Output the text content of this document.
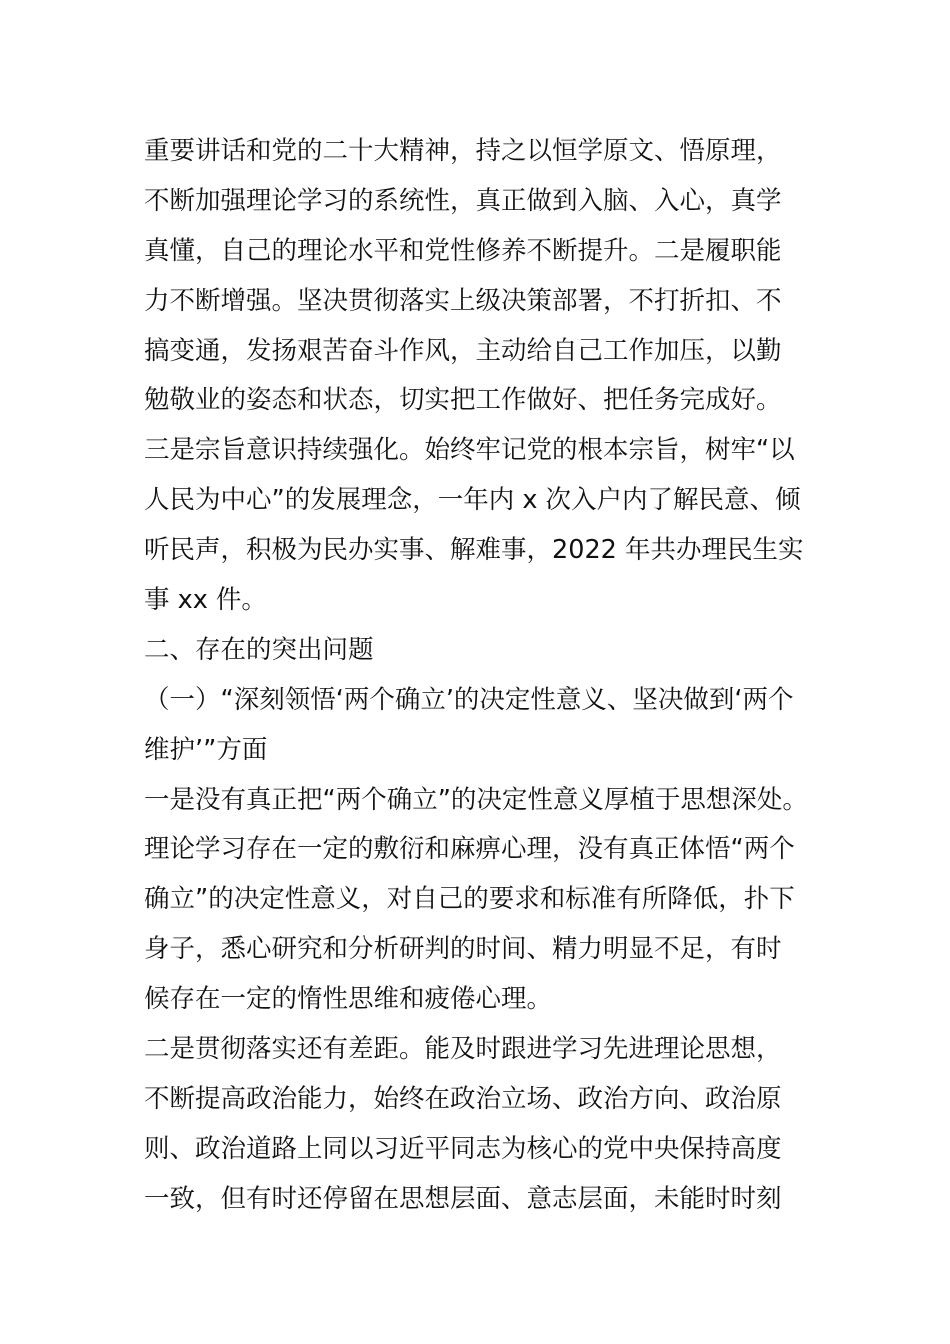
重要讲话和党的二十大精神，持之以恒学原文、悟原理，
不断加强理论学习的系统性，真正做到入脑、入心，真学
真懂，自己的理论水平和党性修养不断提升。二是履职能
力不断增强。坚决贯彻落实上级决策部署，不打折扣、不
搞变通，发扬艰苦奋斗作风，主动给自己工作加压，以勤
勉敬业的姿态和状态，切实把工作做好、把任务完成好。
三是宗旨意识持续强化。始终牢记党的根本宗旨，树牢“以
人民为中心”的发展理念，一年内 x 次入户内了解民意、倾
听民声，积极为民办实事、解难事，2022 年共办理民生实
事 xx 件。
二、存在的突出问题
（一）“深刻领悟‘两个确立’的决定性意义、坚决做到‘两个
维护’”方面
一是没有真正把“两个确立”的决定性意义厚植于思想深处。
理论学习存在一定的敷衍和麻痹心理，没有真正体悟“两个
确立”的决定性意义，对自己的要求和标准有所降低，扑下
身子，悉心研究和分析研判的时间、精力明显不足，有时
候存在一定的惰性思维和疲倦心理。
二是贯彻落实还有差距。能及时跟进学习先进理论思想，
不断提高政治能力，始终在政治立场、政治方向、政治原
则、政治道路上同以习近平同志为核心的党中央保持高度
一致，但有时还停留在思想层面、意志层面，未能时时刻
